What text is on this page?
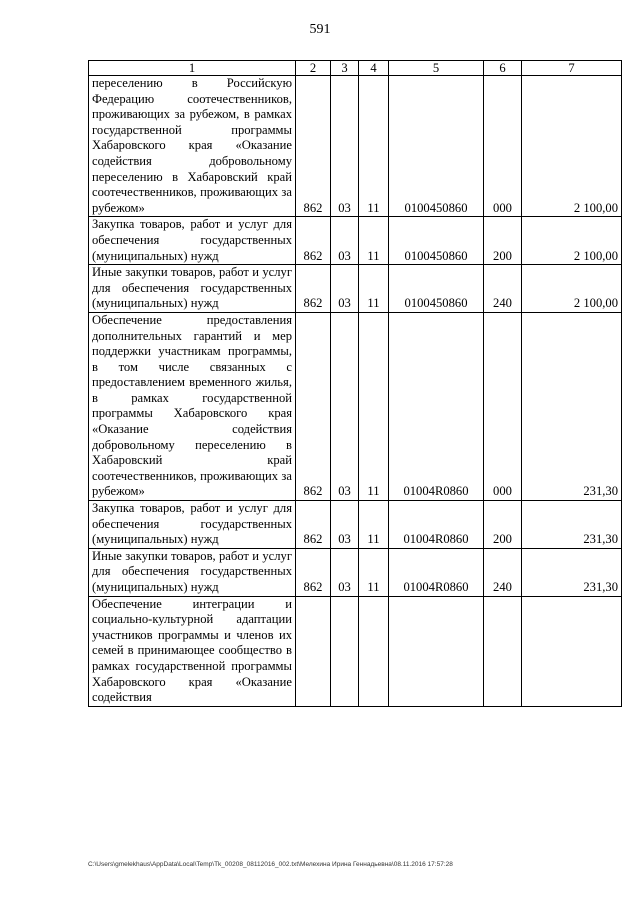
591
1	2	3	4	5	6	7
переселению в Российскую Федерацию соотечественников, проживающих за рубежом, в рамках государственной программы Хабаровского края «Оказание содействия добровольному переселению в Хабаровский край соотечественников, проживающих за рубежом»	862	03	11	0100450860	000	2 100,00
Закупка товаров, работ и услуг для обеспечения государственных (муниципальных) нужд	862	03	11	0100450860	200	2 100,00
Иные закупки товаров, работ и услуг для обеспечения государственных (муниципальных) нужд	862	03	11	0100450860	240	2 100,00
Обеспечение предоставления дополнительных гарантий и мер поддержки участникам программы, в том числе связанных с предоставлением временного жилья, в рамках государственной программы Хабаровского края «Оказание содействия добровольному переселению в Хабаровский край соотечественников, проживающих за рубежом»	862	03	11	01004R0860	000	231,30
Закупка товаров, работ и услуг для обеспечения государственных (муниципальных) нужд	862	03	11	01004R0860	200	231,30
Иные закупки товаров, работ и услуг для обеспечения государственных (муниципальных) нужд	862	03	11	01004R0860	240	231,30
Обеспечение интеграции и социально-культурной адаптации участников программы и членов их семей в принимающее сообщество в рамках государственной программы Хабаровского края «Оказание содействия						
C:\Users\gmelekhaus\AppData\Local\Temp\Tk_00208_08112016_002.txt\Мелехина Ирина Геннадьевна\08.11.2016 17:57:28
